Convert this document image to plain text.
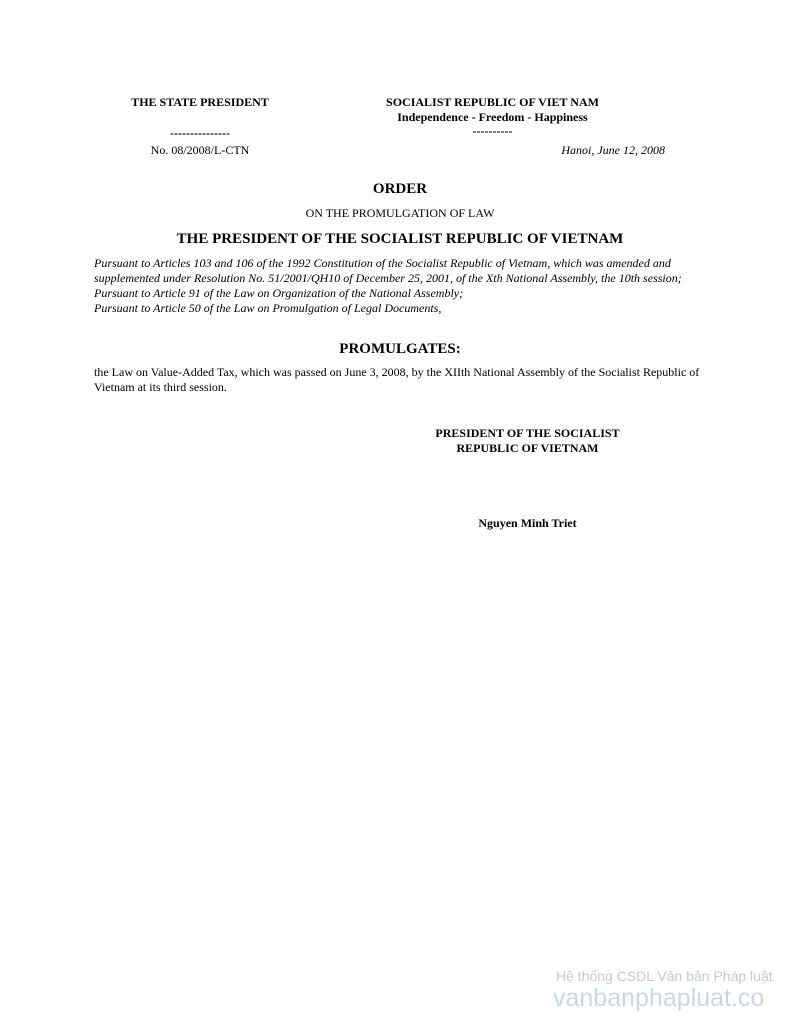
THE STATE PRESIDENT
---------------
No. 08/2008/L-CTN
SOCIALIST REPUBLIC OF VIET NAM
Independence - Freedom - Happiness
----------
Hanoi, June 12, 2008
ORDER
ON THE PROMULGATION OF LAW
THE PRESIDENT OF THE SOCIALIST REPUBLIC OF VIETNAM
Pursuant to Articles 103 and 106 of the 1992 Constitution of the Socialist Republic of Vietnam, which was amended and supplemented under Resolution No. 51/2001/QH10 of December 25, 2001, of the Xth National Assembly, the 10th session;
Pursuant to Article 91 of the Law on Organization of the National Assembly;
Pursuant to Article 50 of the Law on Promulgation of Legal Documents,
PROMULGATES:
the Law on Value-Added Tax, which was passed on June 3, 2008, by the XIIth National Assembly of the Socialist Republic of Vietnam at its third session.
PRESIDENT OF THE SOCIALIST
REPUBLIC OF VIETNAM
Nguyen Minh Triet
Hệ thống CSDL Văn bản Pháp luật
vanbanphapluat.co
